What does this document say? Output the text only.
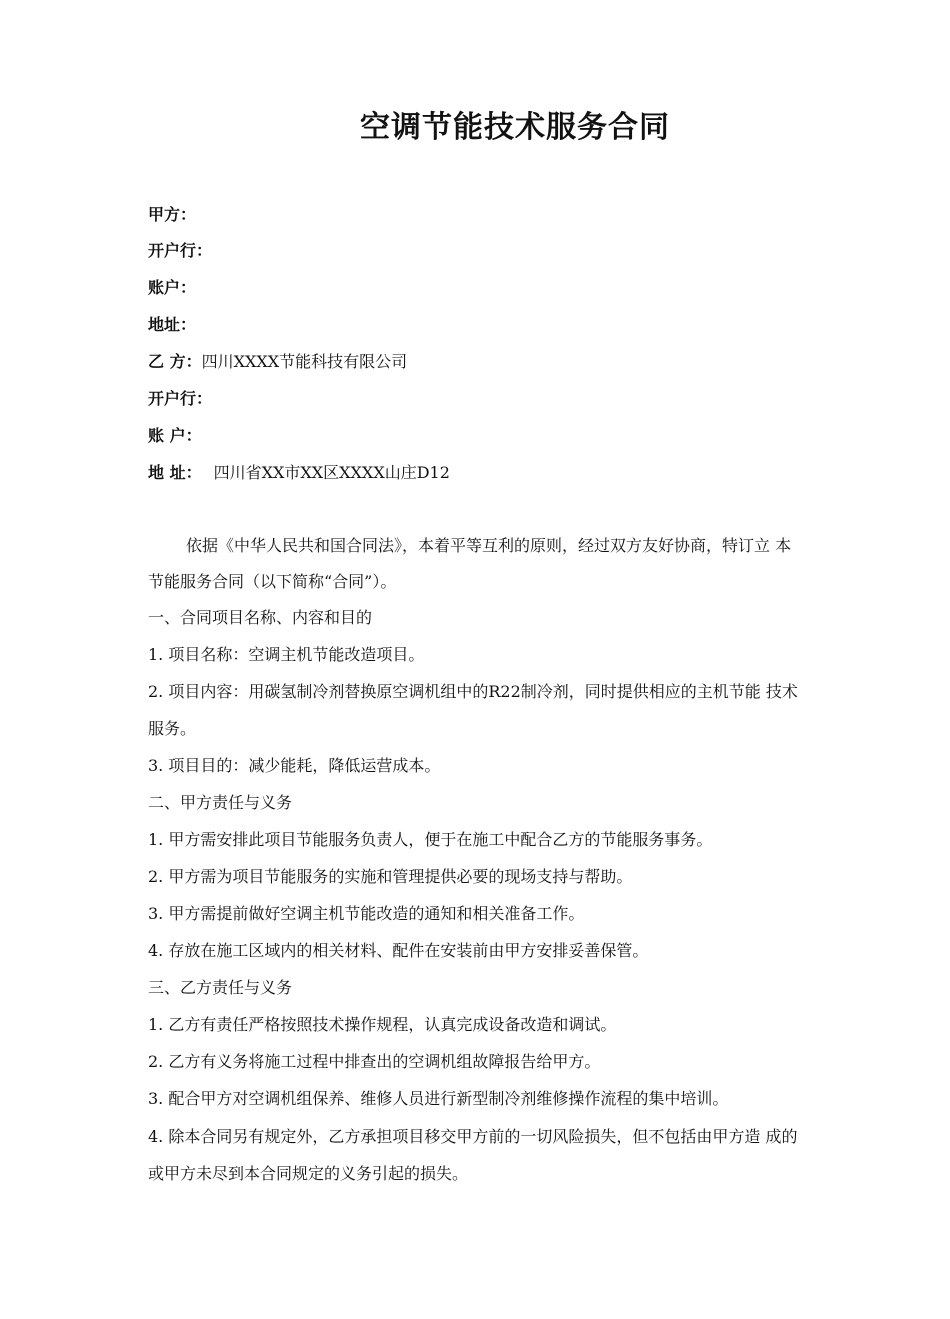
空调节能技术服务合同
甲方：
开户行：
账户：
地址：
乙 方：四川XXXX节能科技有限公司
开户行：
账 户：
地 址： 四川省XX市XX区XXXX山庄D12
依据《中华人民共和国合同法》，本着平等互利的原则，经过双方友好协商，特订立 本
节能服务合同（以下简称“合同”）。
一、合同项目名称、内容和目的
1. 项目名称：空调主机节能改造项目。
2. 项目内容：用碳氢制冷剂替换原空调机组中的R22制冷剂，同时提供相应的主机节能 技术
服务。
3. 项目目的：减少能耗，降低运营成本。
二、甲方责任与义务
1. 甲方需安排此项目节能服务负责人，便于在施工中配合乙方的节能服务事务。
2. 甲方需为项目节能服务的实施和管理提供必要的现场支持与帮助。
3. 甲方需提前做好空调主机节能改造的通知和相关准备工作。
4. 存放在施工区域内的相关材料、配件在安装前由甲方安排妥善保管。
三、乙方责任与义务
1. 乙方有责任严格按照技术操作规程，认真完成设备改造和调试。
2. 乙方有义务将施工过程中排查出的空调机组故障报告给甲方。
3. 配合甲方对空调机组保养、维修人员进行新型制冷剂维修操作流程的集中培训。
4. 除本合同另有规定外，乙方承担项目移交甲方前的一切风险损失，但不包括由甲方造 成的
或甲方未尽到本合同规定的义务引起的损失。
